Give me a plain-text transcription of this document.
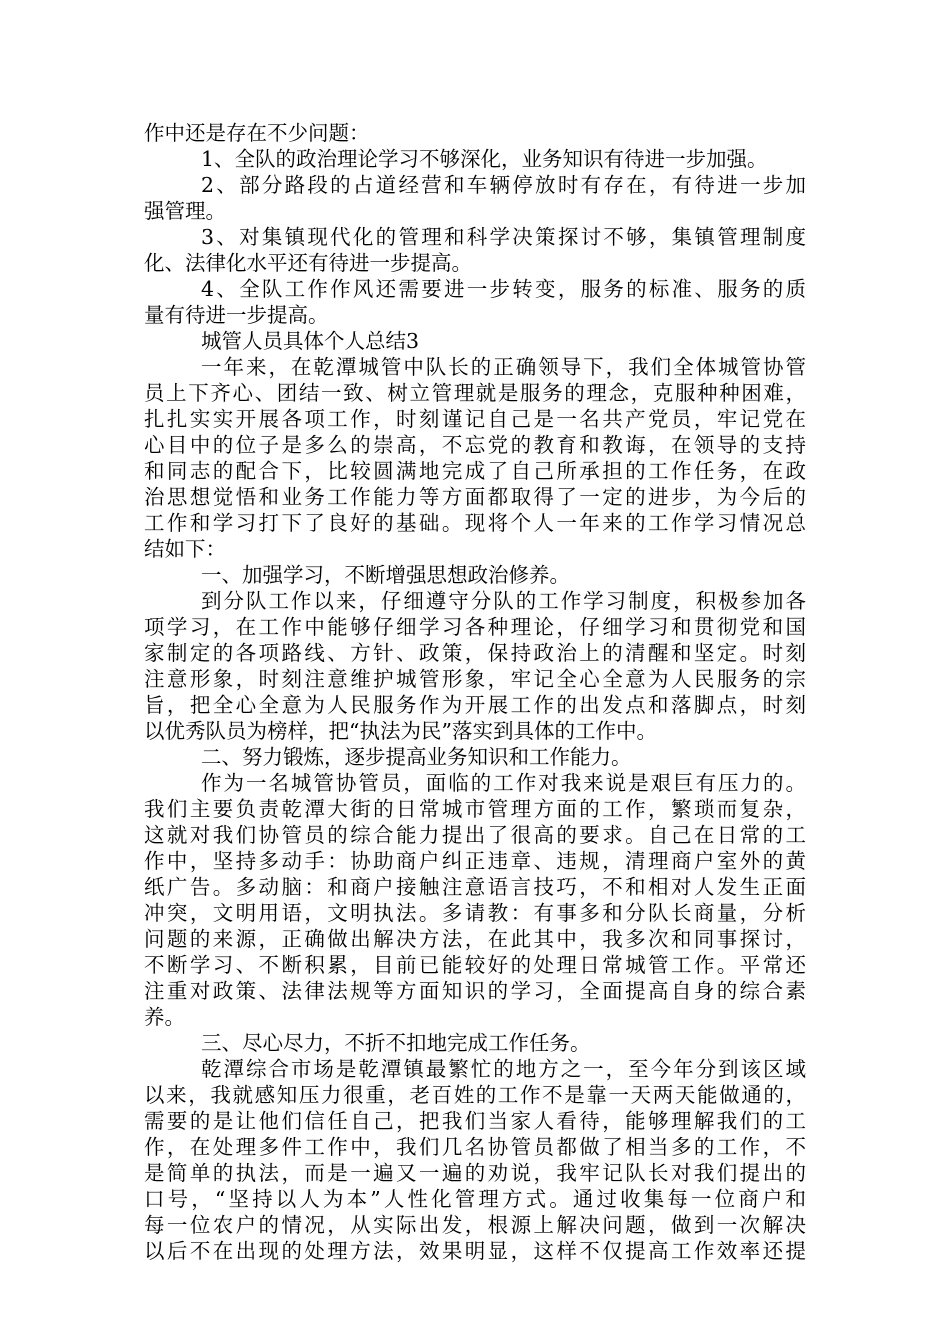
作中还是存在不少问题：
1、全队的政治理论学习不够深化，业务知识有待进一步加强。
2、部分路段的占道经营和车辆停放时有存在，有待进一步加
强管理。
3、对集镇现代化的管理和科学决策探讨不够，集镇管理制度
化、法律化水平还有待进一步提高。
4、全队工作作风还需要进一步转变，服务的标准、服务的质
量有待进一步提高。
城管人员具体个人总结3
一年来，在乾潭城管中队长的正确领导下，我们全体城管协管
员上下齐心、团结一致、树立管理就是服务的理念，克服种种困难，
扎扎实实开展各项工作，时刻谨记自己是一名共产党员，牢记党在
心目中的位子是多么的崇高，不忘党的教育和教诲，在领导的支持
和同志的配合下，比较圆满地完成了自己所承担的工作任务，在政
治思想觉悟和业务工作能力等方面都取得了一定的进步，为今后的
工作和学习打下了良好的基础。现将个人一年来的工作学习情况总
结如下：
一、加强学习，不断增强思想政治修养。
到分队工作以来，仔细遵守分队的工作学习制度，积极参加各
项学习，在工作中能够仔细学习各种理论，仔细学习和贯彻党和国
家制定的各项路线、方针、政策，保持政治上的清醒和坚定。时刻
注意形象，时刻注意维护城管形象，牢记全心全意为人民服务的宗
旨，把全心全意为人民服务作为开展工作的出发点和落脚点，时刻
以优秀队员为榜样，把“执法为民”落实到具体的工作中。
二、努力锻炼，逐步提高业务知识和工作能力。
作为一名城管协管员，面临的工作对我来说是艰巨有压力的。
我们主要负责乾潭大街的日常城市管理方面的工作，繁琐而复杂，
这就对我们协管员的综合能力提出了很高的要求。自己在日常的工
作中，坚持多动手：协助商户纠正违章、违规，清理商户室外的黄
纸广告。多动脑：和商户接触注意语言技巧，不和相对人发生正面
冲突，文明用语，文明执法。多请教：有事多和分队长商量，分析
问题的来源，正确做出解决方法，在此其中，我多次和同事探讨，
不断学习、不断积累，目前已能较好的处理日常城管工作。平常还
注重对政策、法律法规等方面知识的学习，全面提高自身的综合素
养。
三、尽心尽力，不折不扣地完成工作任务。
乾潭综合市场是乾潭镇最繁忙的地方之一，至今年分到该区域
以来，我就感知压力很重，老百姓的工作不是靠一天两天能做通的，
需要的是让他们信任自己，把我们当家人看待，能够理解我们的工
作，在处理多件工作中，我们几名协管员都做了相当多的工作，不
是简单的执法，而是一遍又一遍的劝说，我牢记队长对我们提出的
口号，“坚持以人为本”人性化管理方式。通过收集每一位商户和
每一位农户的情况，从实际出发，根源上解决问题，做到一次解决
以后不在出现的处理方法，效果明显，这样不仅提高工作效率还提
